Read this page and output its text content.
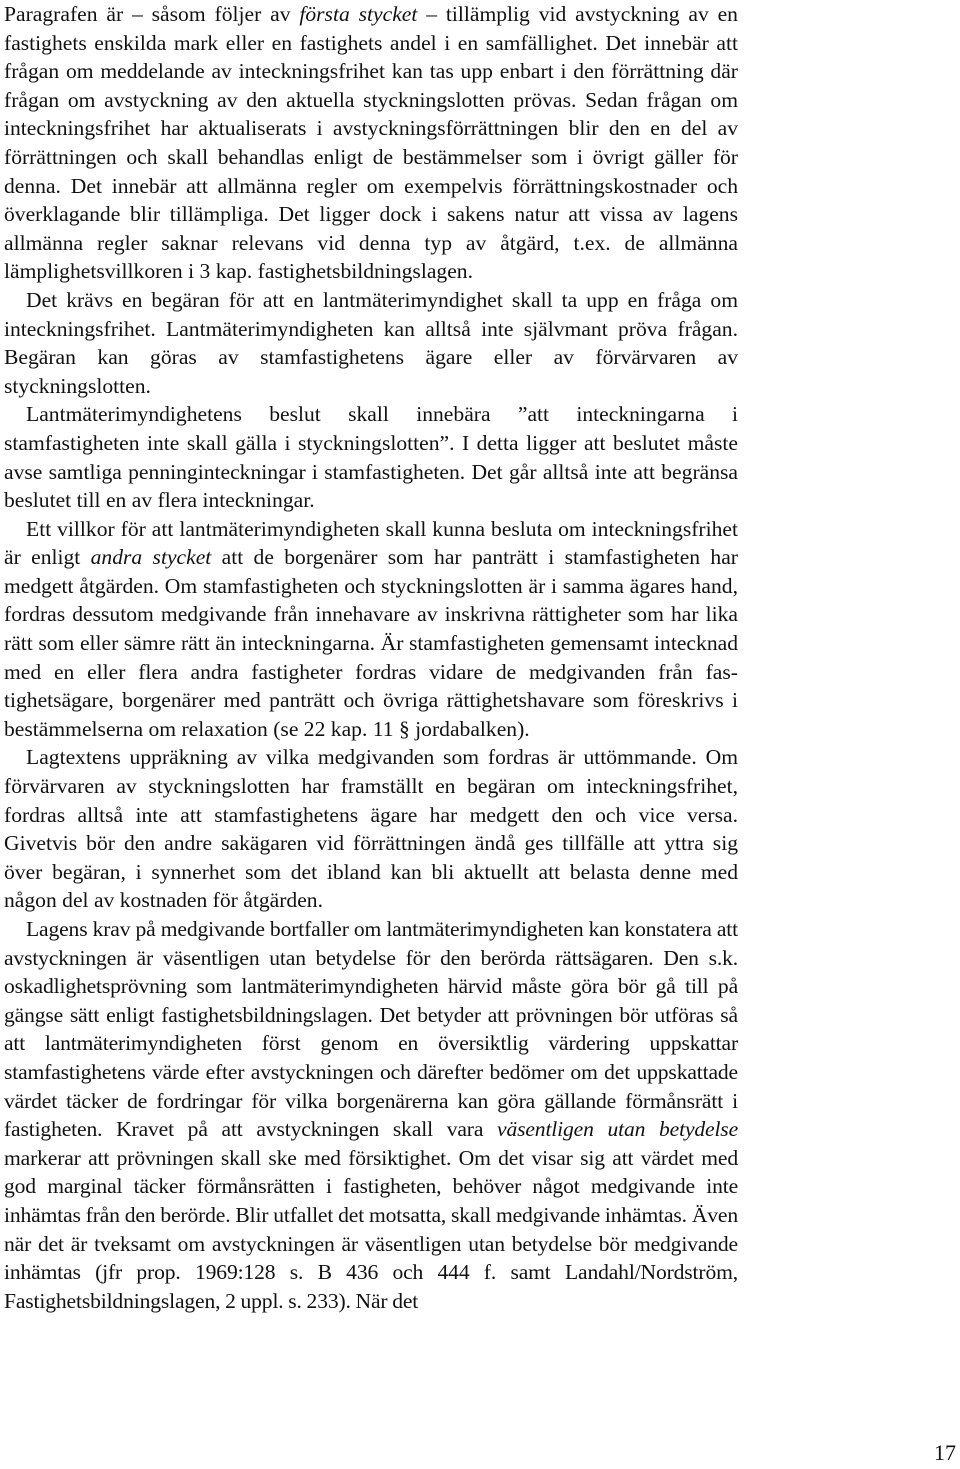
Paragrafen är – såsom följer av första stycket – tillämplig vid avstyckning av en fastighets enskilda mark eller en fastighets andel i en samfällighet. Det innebär att frågan om meddelande av inteckningsfrihet kan tas upp enbart i den förrättning där frågan om avstyckning av den aktuella styckningslotten prövas. Sedan frågan om inteckningsfrihet har aktualiserats i avstyckningsförrättningen blir den en del av förrättningen och skall behandlas enligt de bestämmelser som i övrigt gäller för denna. Det innebär att allmänna regler om exempelvis förrättningskostnader och överklagande blir tillämpliga. Det ligger dock i sakens natur att vissa av lagens allmänna regler saknar relevans vid denna typ av åtgärd, t.ex. de allmänna lämplighetsvillkoren i 3 kap. fastighetsbildningslagen.

Det krävs en begäran för att en lantmäterimyndighet skall ta upp en fråga om inteckningsfrihet. Lantmäterimyndigheten kan alltså inte självmant pröva frågan. Begäran kan göras av stamfastighetens ägare eller av förvärvaren av styckningslotten.

Lantmäterimyndighetens beslut skall innebära ”att inteckningarna i stamfastigheten inte skall gälla i styckningslotten”. I detta ligger att beslutet måste avse samtliga penninginteckningar i stamfastigheten. Det går alltså inte att begränsa beslutet till en av flera inteckningar.

Ett villkor för att lantmäterimyndigheten skall kunna besluta om inteckningsfrihet är enligt andra stycket att de borgenärer som har panträtt i stamfastigheten har medgett åtgärden. Om stamfastigheten och styckningslotten är i samma ägares hand, fordras dessutom medgivande från innehavare av inskrivna rättigheter som har lika rätt som eller sämre rätt än inteckningarna. Är stamfastigheten gemensamt intecknad med en eller flera andra fastigheter fordras vidare de medgivanden från fastighetsägare, borgenärer med panträtt och övriga rättighetshavare som föreskrivs i bestämmelserna om relaxation (se 22 kap. 11 § jordabalken).

Lagtextens uppräkning av vilka medgivanden som fordras är uttömmande. Om förvärvaren av styckningslotten har framställt en begäran om inteckningsfrihet, fordras alltså inte att stamfastighetens ägare har medgett den och vice versa. Givetvis bör den andre sakägaren vid förrättningen ändå ges tillfälle att yttra sig över begäran, i synnerhet som det ibland kan bli aktuellt att belasta denne med någon del av kostnaden för åtgärden.

Lagens krav på medgivande bortfaller om lantmäterimyndigheten kan konstatera att avstyckningen är väsentligen utan betydelse för den berörda rättsägaren. Den s.k. oskadlighetsprövning som lantmäterimyndigheten härvid måste göra bör gå till på gängse sätt enligt fastighetsbildningslagen. Det betyder att prövningen bör utföras så att lantmäterimyndigheten först genom en översiktlig värdering uppskattar stamfastighetens värde efter avstyckningen och därefter bedömer om det uppskattade värdet täcker de fordringar för vilka borgenärerna kan göra gällande förmånsrätt i fastigheten. Kravet på att avstyckningen skall vara väsentligen utan betydelse markerar att prövningen skall ske med försiktighet. Om det visar sig att värdet med god marginal täcker förmånsrätten i fastigheten, behöver något medgivande inte inhämtas från den berörde. Blir utfallet det motsatta, skall medgivande inhämtas. Även när det är tveksamt om avstyckningen är väsentligen utan betydelse bör medgivande inhämtas (jfr prop. 1969:128 s. B 436 och 444 f. samt Landahl/Nordström, Fastighetsbildningslagen, 2 uppl. s. 233). När det

17
